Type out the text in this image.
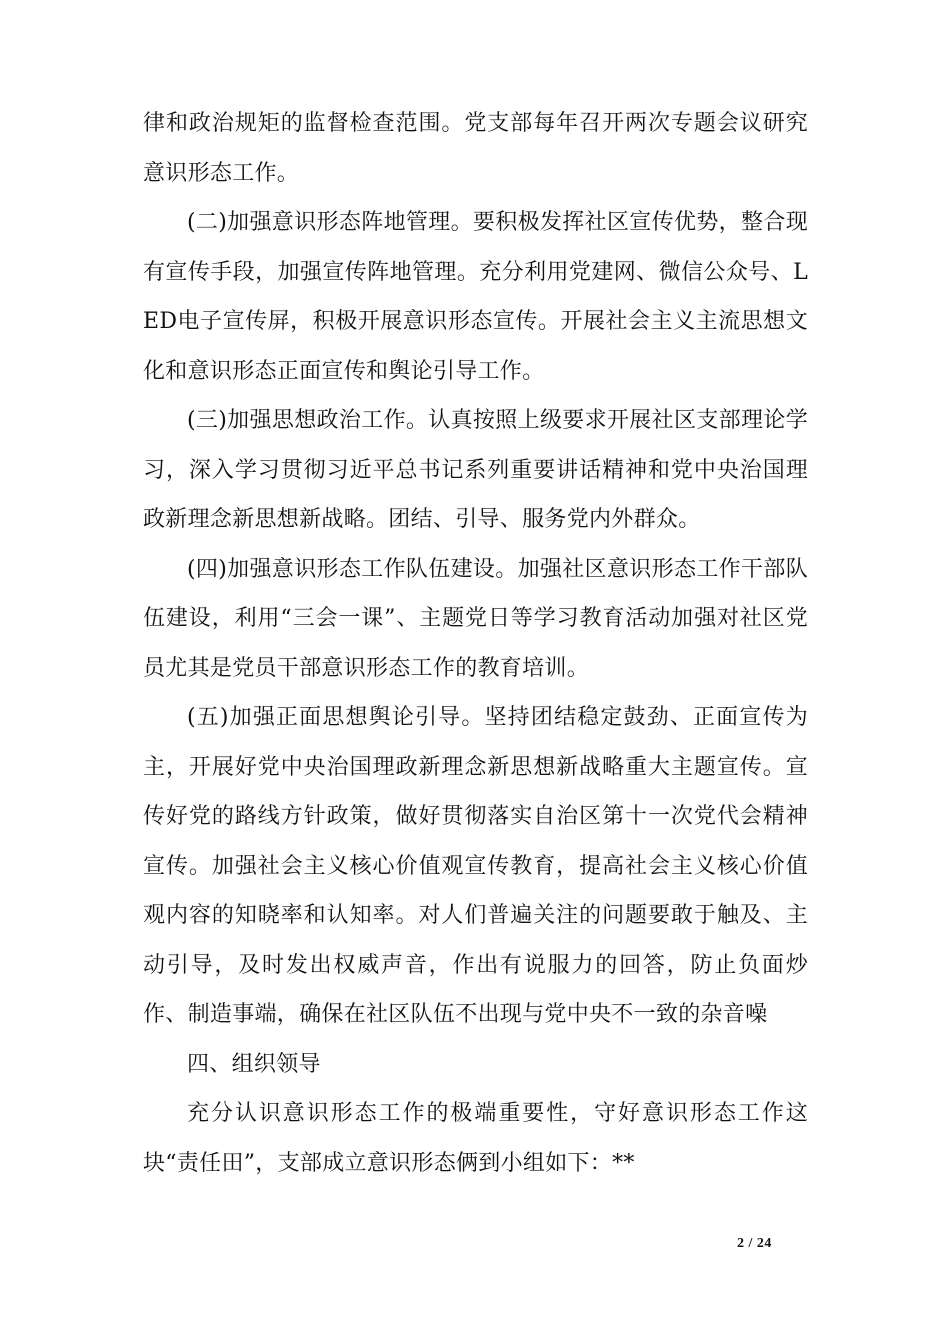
律和政治规矩的监督检查范围。党支部每年召开两次专题会议研究意识形态工作。

(二)加强意识形态阵地管理。要积极发挥社区宣传优势，整合现有宣传手段，加强宣传阵地管理。充分利用党建网、微信公众号、LED电子宣传屏，积极开展意识形态宣传。开展社会主义主流思想文化和意识形态正面宣传和舆论引导工作。

(三)加强思想政治工作。认真按照上级要求开展社区支部理论学习，深入学习贯彻习近平总书记系列重要讲话精神和党中央治国理政新理念新思想新战略。团结、引导、服务党内外群众。

(四)加强意识形态工作队伍建设。加强社区意识形态工作干部队伍建设，利用“三会一课”、主题党日等学习教育活动加强对社区党员尤其是党员干部意识形态工作的教育培训。

(五)加强正面思想舆论引导。坚持团结稳定鼓劲、正面宣传为主，开展好党中央治国理政新理念新思想新战略重大主题宣传。宣传好党的路线方针政策，做好贯彻落实自治区第十一次党代会精神宣传。加强社会主义核心价值观宣传教育，提高社会主义核心价值观内容的知晓率和认知率。对人们普遍关注的问题要敢于触及、主动引导，及时发出权威声音，作出有说服力的回答，防止负面炒作、制造事端，确保在社区队伍不出现与党中央不一致的杂音噪

四、组织领导

充分认识意识形态工作的极端重要性，守好意识形态工作这块“责任田”，支部成立意识形态俩到小组如下：**

2 / 24
